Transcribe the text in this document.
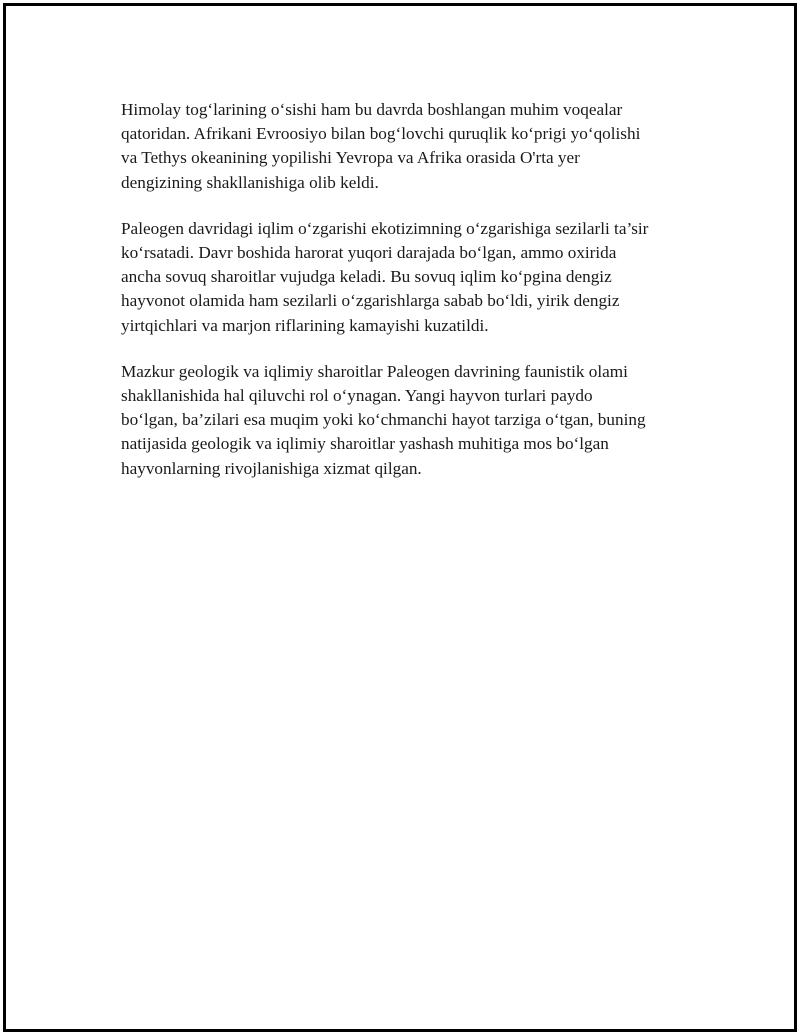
Himolay tog‘larining o‘sishi ham bu davrda boshlangan muhim voqealar
qatoridan. Afrikani Evroosiyo bilan bog‘lovchi quruqlik ko‘prigi yo‘qolishi
va Tethys okeanining yopilishi Yevropa va Afrika orasida O'rta yer
dengizining shakllanishiga olib keldi.

Paleogen davridagi iqlim o‘zgarishi ekotizimning o‘zgarishiga sezilarli ta’sir
ko‘rsatadi. Davr boshida harorat yuqori darajada bo‘lgan, ammo oxirida
ancha sovuq sharoitlar vujudga keladi. Bu sovuq iqlim ko‘pgina dengiz
hayvonot olamida ham sezilarli o‘zgarishlarga sabab bo‘ldi, yirik dengiz
yirtqichlari va marjon riflarining kamayishi kuzatildi.

Mazkur geologik va iqlimiy sharoitlar Paleogen davrining faunistik olami
shakllanishida hal qiluvchi rol o‘ynagan. Yangi hayvon turlari paydo
bo‘lgan, ba’zilari esa muqim yoki ko‘chmanchi hayot tarziga o‘tgan, buning
natijasida geologik va iqlimiy sharoitlar yashash muhitiga mos bo‘lgan
hayvonlarning rivojlanishiga xizmat qilgan.
